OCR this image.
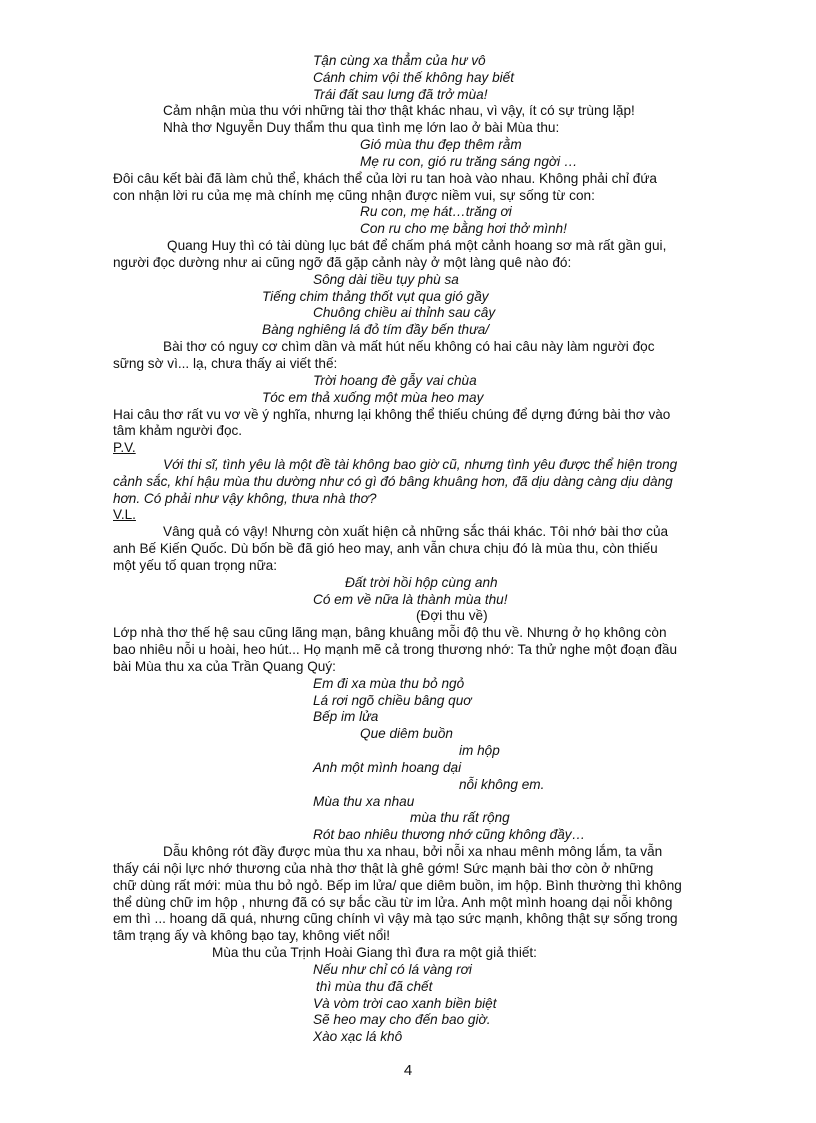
Tận cùng xa thẳm của hư vô
Cánh chim vội thế không hay biết
Trái đất sau lưng đã trở mùa!
Cảm nhận mùa thu với những tài thơ thật khác nhau, vì vậy, ít có sự trùng lặp!
Nhà thơ Nguyễn Duy thẩm thu qua tình mẹ lớn lao ở bài Mùa thu:
Gió mùa thu đẹp thêm rằm
Mẹ ru con, gió ru trăng sáng ngời …
Đôi câu kết bài đã làm chủ thể, khách thể của lời ru tan hoà vào nhau. Không phải chỉ đứa
con nhận lời ru của mẹ mà chính mẹ cũng nhận được niềm vui, sự sống từ con:
Ru con, mẹ hát…trăng ơi
Con ru cho mẹ bằng hơi thở mình!
Quang Huy thì có tài dùng lục bát để chấm phá một cảnh hoang sơ mà rất gần gui,
người đọc dường như ai cũng ngỡ đã gặp cảnh này ở một làng quê nào đó:
Sông dài tiều tụy phù sa
Tiếng chim thảng thốt vụt qua gió gầy
Chuông chiều ai thỉnh sau cây
Bàng nghiêng lá đỏ tím đầy bến thưa/
Bài thơ có nguy cơ chìm dần và mất hút nếu không có hai câu này làm người đọc
sững sờ vì... lạ, chưa thấy ai viết thế:
Trời hoang đè gẫy vai chùa
Tóc em thả xuống một mùa heo may
Hai câu thơ rất vu vơ về ý nghĩa, nhưng lại không thể thiếu chúng để dựng đứng bài thơ vào
tâm khảm người đọc.
P.V.
Với thi sĩ, tình yêu là một đề tài không bao giờ cũ, nhưng tình yêu được thể hiện trong
cảnh sắc, khí hậu mùa thu dường như có gì đó bâng khuâng hơn, đã dịu dàng càng dịu dàng
hơn. Có phải như vậy không, thưa nhà thơ?
V.L.
Vâng quả có vậy! Nhưng còn xuất hiện cả những sắc thái khác. Tôi nhớ bài thơ của
anh Bế Kiến Quốc. Dù bốn bề đã gió heo may, anh vẫn chưa chịu đó là mùa thu, còn thiếu
một yếu tố quan trọng nữa:
Đất trời hồi hộp cùng anh
Có em về nữa là thành mùa thu!
(Đợi thu về)
Lớp nhà thơ thế hệ sau cũng lãng mạn, bâng khuâng mỗi độ thu về. Nhưng ở họ không còn
bao nhiêu nỗi u hoài, heo hút... Họ mạnh mẽ cả trong thương nhớ: Ta thử nghe một đoạn đầu
bài Mùa thu xa của Trần Quang Quý:
Em đi xa mùa thu bỏ ngỏ
Lá rơi ngõ chiều bâng quơ
Bếp im lửa
Que diêm buồn
im hộp
Anh một mình hoang dại
nỗi không em.
Mùa thu xa nhau
mùa thu rất rộng
Rót bao nhiêu thương nhớ cũng không đầy…
Dẫu không rót đầy được mùa thu xa nhau, bởi nỗi xa nhau mênh mông lắm, ta vẫn
thấy cái nội lực nhớ thương của nhà thơ thật là ghê gớm! Sức mạnh bài thơ còn ở những
chữ dùng rất mới: mùa thu bỏ ngỏ. Bếp im lửa/ que diêm buồn, im hộp. Bình thường thì không
thể dùng chữ im hộp , nhưng đã có sự bắc cầu từ im lửa. Anh một mình hoang dại nỗi không
em thì ... hoang dã quá, nhưng cũng chính vì vậy mà tạo sức mạnh, không thật sự sống trong
tâm trạng ấy và không bạo tay, không viết nổi!
Mùa thu của Trịnh Hoài Giang thì đưa ra một giả thiết:
Nếu như chỉ có lá vàng rơi
thì mùa thu đã chết
Và vòm trời cao xanh biền biệt
Sẽ heo may cho đến bao giờ.
Xào xạc lá khô
4
